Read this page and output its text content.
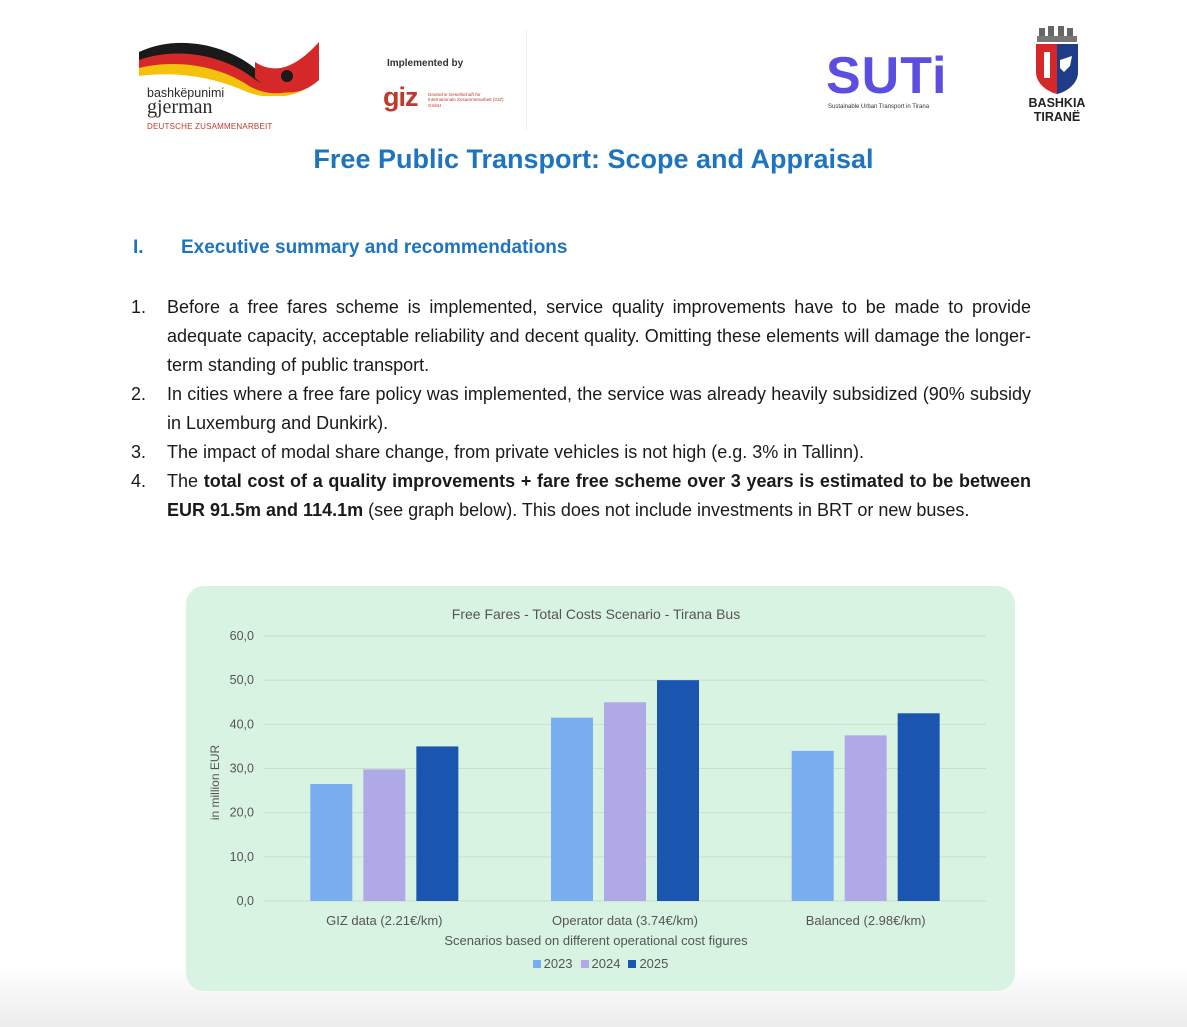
bashkëpunimi
gjerman
DEUTSCHE ZUSAMMENARBEIT
Implemented by
giz Deutsche Gesellschaft für Internationale Zusammenarbeit (GIZ) GmbH
SUTi
Sustainable Urban Transport in Tirana	BASHKIA
TIRANË
Free Public Transport: Scope and Appraisal
I. Executive summary and recommendations
1. Before a free fares scheme is implemented, service quality improvements have to be made to provide adequate capacity, acceptable reliability and decent quality. Omitting these elements will damage the longer-term standing of public transport.
2. In cities where a free fare policy was implemented, the service was already heavily subsidized (90% subsidy in Luxemburg and Dunkirk).
3. The impact of modal share change, from private vehicles is not high (e.g. 3% in Tallinn).
4. The total cost of a quality improvements + fare free scheme over 3 years is estimated to be between EUR 91.5m and 114.1m (see graph below). This does not include investments in BRT or new buses.
Free Fares - Total Costs Scenario - Tirana Bus
0,0
10,0
20,0
30,0
40,0
50,0
60,0
in million EUR
GIZ data (2.21€/km)	Operator data (3.74€/km)	Balanced (2.98€/km)
Scenarios based on different operational cost figures
2023 2024 2025
